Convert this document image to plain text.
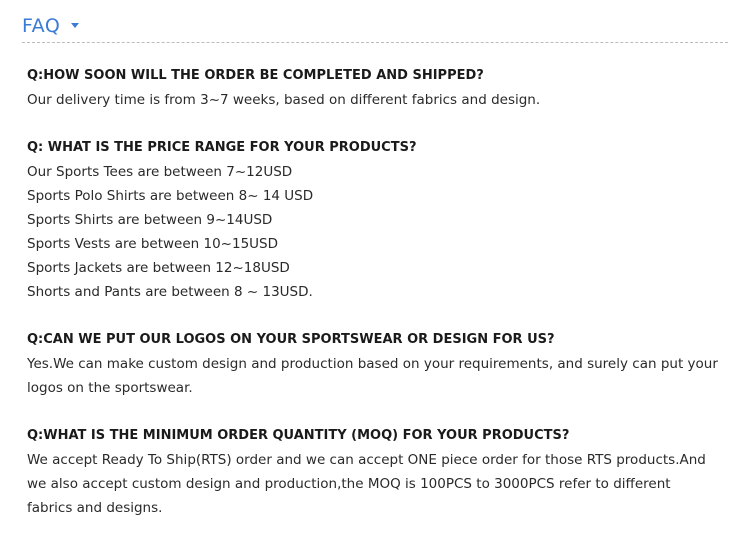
FAQ
Q:HOW SOON WILL THE ORDER BE COMPLETED AND SHIPPED?
Our delivery time is from 3~7 weeks, based on different fabrics and design.
Q: WHAT IS THE PRICE RANGE FOR YOUR PRODUCTS?
Our Sports Tees are between 7~12USD
Sports Polo Shirts are between 8~ 14 USD
Sports Shirts are between 9~14USD
Sports Vests are between 10~15USD
Sports Jackets are between 12~18USD
Shorts and Pants are between 8 ~ 13USD.
Q:CAN WE PUT OUR LOGOS ON YOUR SPORTSWEAR OR DESIGN FOR US?
Yes.We can make custom design and production based on your requirements, and surely can put your logos on the sportswear.
Q:WHAT IS THE MINIMUM ORDER QUANTITY (MOQ) FOR YOUR PRODUCTS?
We accept Ready To Ship(RTS) order and we can accept ONE piece order for those RTS products.And we also accept custom design and production,the MOQ is 100PCS to 3000PCS refer to different fabrics and designs.
